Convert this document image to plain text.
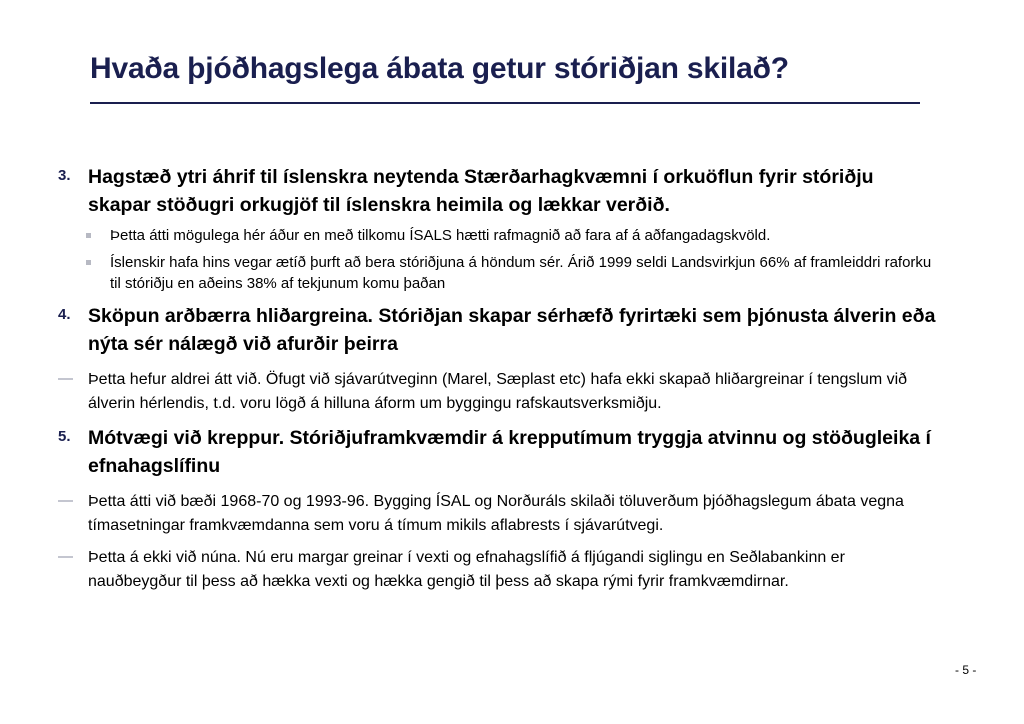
Hvaða þjóðhagslega ábata getur stóriðjan skilað?
3. Hagstæð ytri áhrif til íslenskra neytenda Stærðarhagkvæmni í orkuöflun fyrir stóriðju skapar stöðugri orkugjöf til íslenskra heimila og lækkar verðið.
Þetta átti mögulega hér áður en með tilkomu ÍSALS hætti rafmagnið að fara af á aðfangadagskvöld.
Íslenskir hafa hins vegar ætíð þurft að bera stóriðjuna á höndum sér. Árið 1999 seldi Landsvirkjun 66% af framleiddri raforku til stóriðju en aðeins 38% af tekjunum komu þaðan
4. Sköpun arðbærra hliðargreina. Stóriðjan skapar sérhæfð fyrirtæki sem þjónusta álverin eða nýta sér nálægð við afurðir þeirra
— Þetta hefur aldrei átt við. Öfugt við sjávarútveginn (Marel, Sæplast etc) hafa ekki skapað hliðargreinar í tengslum við álverin hérlendis, t.d. voru lögð á hilluna áform um byggingu rafskautsverksmiðju.
5. Mótvægi við kreppur. Stóriðjuframkvæmdir á krepputímum tryggja atvinnu og stöðugleika í efnahagslífinu
— Þetta átti við bæði 1968-70 og 1993-96. Bygging ÍSAL og Norðuráls skilaði töluverðum þjóðhagslegum ábata vegna tímasetningar framkvæmdanna sem voru á tímum mikils aflabrests í sjávarútvegi.
— Þetta á ekki við núna. Nú eru margar greinar í vexti og efnahagslífið á fljúgandi siglingu en Seðlabankinn er nauðbeygður til þess að hækka vexti og hækka gengið til þess að skapa rými fyrir framkvæmdirnar.
- 5 -
